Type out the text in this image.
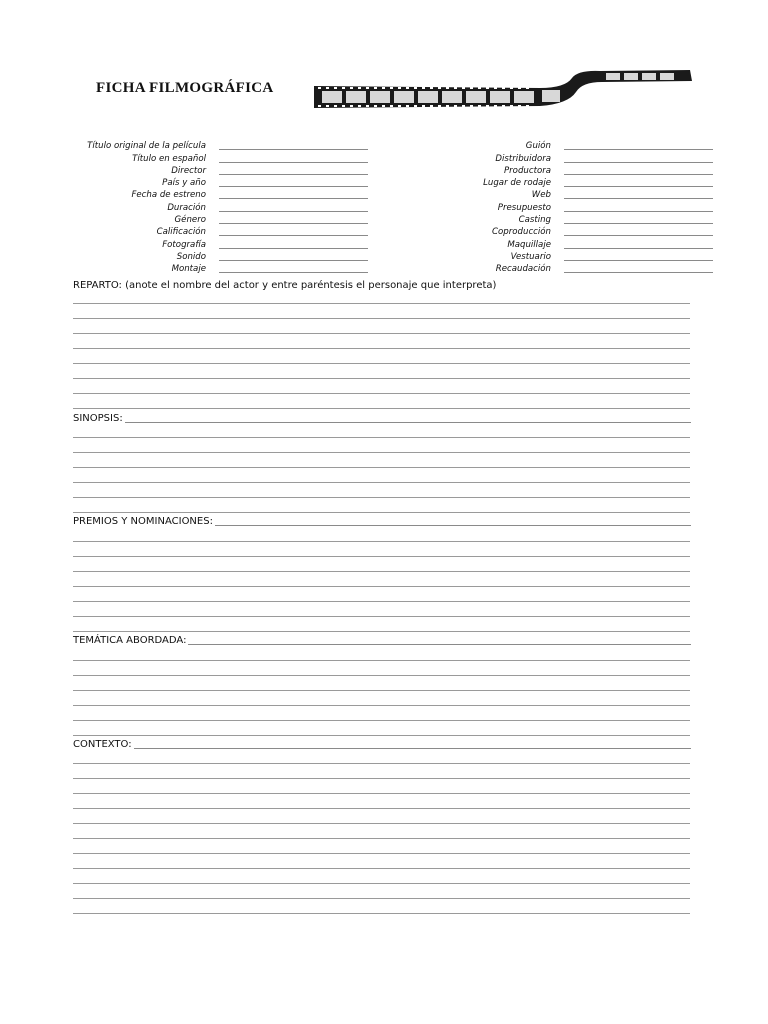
FICHA FILMOGRÁFICA
Título original de la película
Título en español
Director
País y año
Fecha de estreno
Duración
Género
Calificación
Fotografía
Sonido
Montaje
Guión
Distribuidora
Productora
Lugar de rodaje
Web
Presupuesto
Casting
Coproducción
Maquillaje
Vestuario
Recaudación
REPARTO: (anote el nombre del actor y entre paréntesis el personaje que interpreta)
SINOPSIS:
PREMIOS Y NOMINACIONES:
TEMÁTICA ABORDADA:
CONTEXTO:
